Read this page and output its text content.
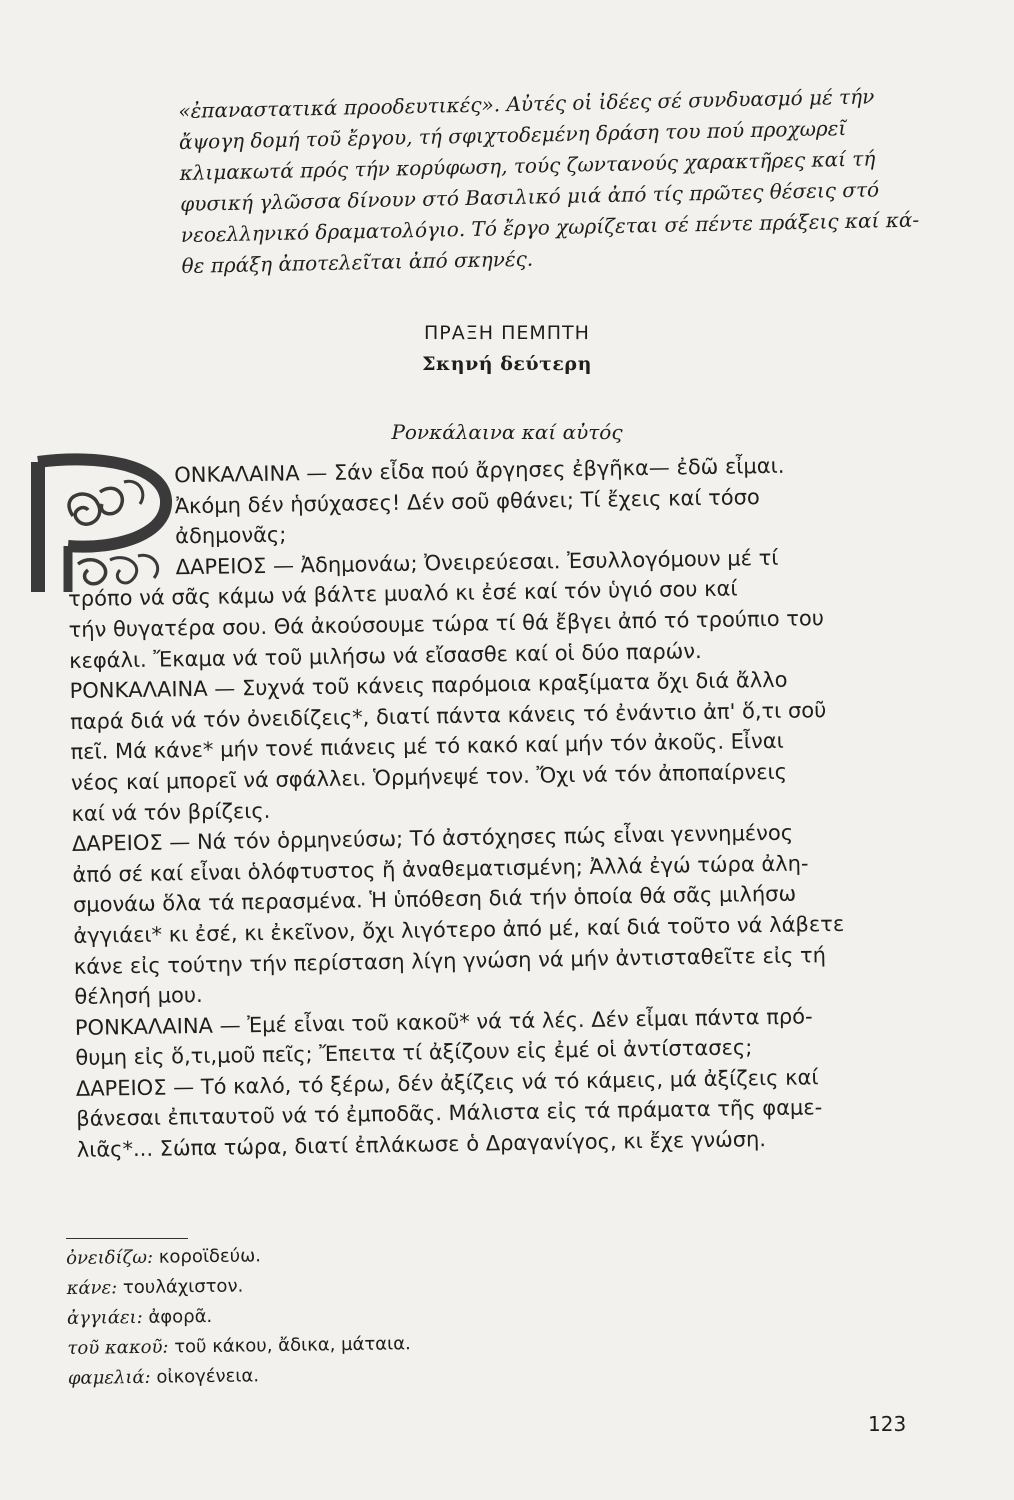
«ἐπαναστατικά προοδευτικές». Αὐτές οἱ ἰδέες σέ συνδυασμό μέ τήν
ἄψογη δομή τοῦ ἔργου, τή σφιχτοδεμένη δράση του πού προχωρεῖ
κλιμακωτά πρός τήν κορύφωση, τούς ζωντανούς χαρακτῆρες καί τή
φυσική γλῶσσα δίνουν στό Βασιλικό μιά ἀπό τίς πρῶτες θέσεις στό
νεοελληνικό δραματολόγιο. Τό ἔργο χωρίζεται σέ πέντε πράξεις καί κά-
θε πράξη ἀποτελεῖται ἀπό σκηνές.
ΠΡΑΞΗ ΠΕΜΠΤΗ
Σκηνή δεύτερη
Ρονκάλαινα καί αὐτός
ΟΝΚΑΛΑΙΝΑ — Σάν εἶδα πού ἄργησες ἐβγῆκα— ἐδῶ εἶμαι.
Ἀκόμη δέν ἡσύχασες! Δέν σοῦ φθάνει; Τί ἔχεις καί τόσο
ἀδημονᾶς;
ΔΑΡΕΙΟΣ — Ἀδημονάω; Ὀνειρεύεσαι. Ἐσυλλογόμουν μέ τί
τρόπο νά σᾶς κάμω νά βάλτε μυαλό κι ἐσέ καί τόν ὑγιό σου καί
τήν θυγατέρα σου. Θά ἀκούσουμε τώρα τί θά ἔβγει ἀπό τό τρούπιο του
κεφάλι. Ἔκαμα νά τοῦ μιλήσω νά εἴσασθε καί οἱ δύο παρών.
ΡΟΝΚΑΛΑΙΝΑ — Συχνά τοῦ κάνεις παρόμοια κραξίματα ὄχι διά ἄλλο
παρά διά νά τόν ὀνειδίζεις*, διατί πάντα κάνεις τό ἐνάντιο ἀπ' ὅ,τι σοῦ
πεῖ. Μά κάνε* μήν τονέ πιάνεις μέ τό κακό καί μήν τόν ἀκοῦς. Εἶναι
νέος καί μπορεῖ νά σφάλλει. Ὁρμήνεψέ τον. Ὄχι νά τόν ἀποπαίρνεις
καί νά τόν βρίζεις.
ΔΑΡΕΙΟΣ — Νά τόν ὁρμηνεύσω; Τό ἀστόχησες πώς εἶναι γεννημένος
ἀπό σέ καί εἶναι ὁλόφτυστος ἤ ἀναθεματισμένη; Ἀλλά ἐγώ τώρα ἀλη-
σμονάω ὅλα τά περασμένα. Ἡ ὑπόθεση διά τήν ὁποία θά σᾶς μιλήσω
ἀγγιάει* κι ἐσέ, κι ἐκεῖνον, ὄχι λιγότερο ἀπό μέ, καί διά τοῦτο νά λάβετε
κάνε εἰς τούτην τήν περίσταση λίγη γνώση νά μήν ἀντισταθεῖτε εἰς τή
θέλησή μου.
ΡΟΝΚΑΛΑΙΝΑ — Ἐμέ εἶναι τοῦ κακοῦ* νά τά λές. Δέν εἶμαι πάντα πρό-
θυμη εἰς ὅ,τι,μοῦ πεῖς; Ἔπειτα τί ἀξίζουν εἰς ἐμέ οἱ ἀντίστασες;
ΔΑΡΕΙΟΣ — Τό καλό, τό ξέρω, δέν ἀξίζεις νά τό κάμεις, μά ἀξίζεις καί
βάνεσαι ἐπιταυτοῦ νά τό ἐμποδᾶς. Μάλιστα εἰς τά πράματα τῆς φαμε-
λιᾶς*... Σώπα τώρα, διατί ἐπλάκωσε ὁ Δραγανίγος, κι ἔχε γνώση.
ὀνειδίζω: κοροϊδεύω.
κάνε: τουλάχιστον.
ἀγγιάει: ἀφορᾶ.
τοῦ κακοῦ: τοῦ κάκου, ἄδικα, μάταια.
φαμελιά: οἰκογένεια.
123
